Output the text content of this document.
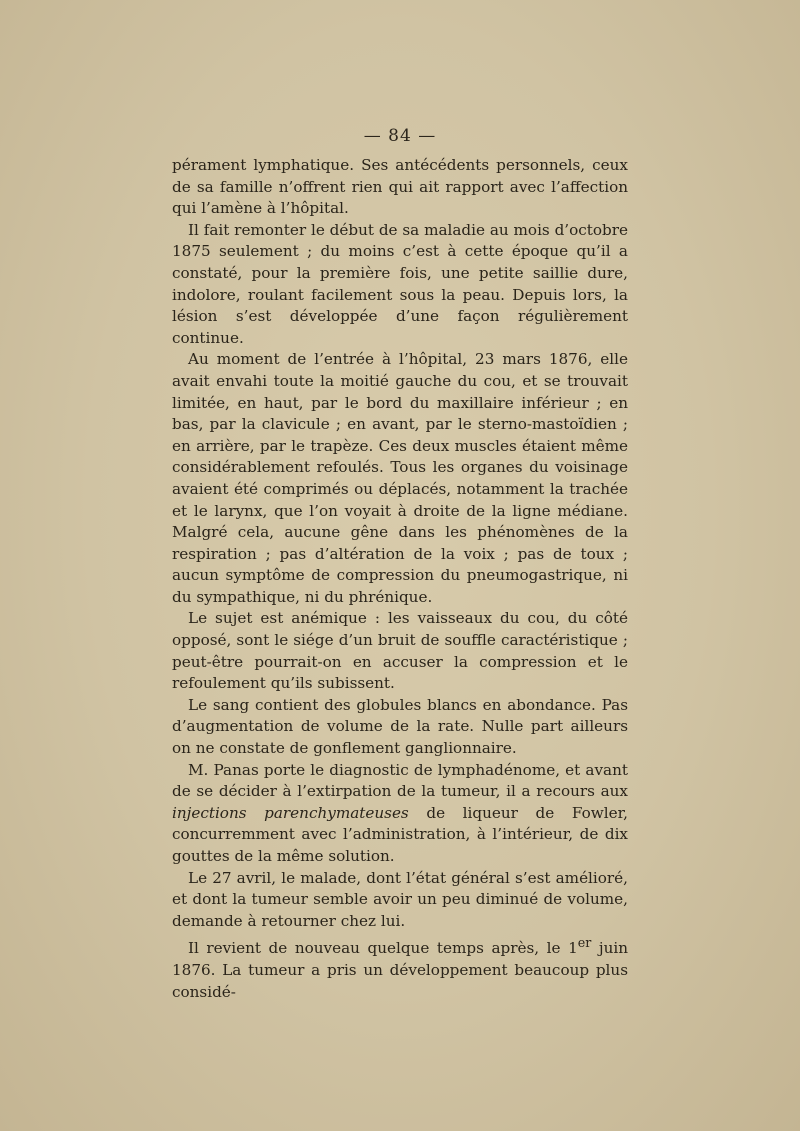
— 84 —

pérament lymphatique. Ses antécédents personnels, ceux de sa famille n’offrent rien qui ait rapport avec l’affection qui l’amène à l’hôpital.

Il fait remonter le début de sa maladie au mois d’octobre 1875 seulement ; du moins c’est à cette époque qu’il a constaté, pour la première fois, une petite saillie dure, indolore, roulant facilement sous la peau. Depuis lors, la lésion s’est développée d’une façon régulièrement continue.

Au moment de l’entrée à l’hôpital, 23 mars 1876, elle avait envahi toute la moitié gauche du cou, et se trouvait limitée, en haut, par le bord du maxillaire inférieur ; en bas, par la clavicule ; en avant, par le sterno-mastoïdien ; en arrière, par le trapèze. Ces deux muscles étaient même considérablement refoulés. Tous les organes du voisinage avaient été comprimés ou déplacés, notamment la trachée et le larynx, que l’on voyait à droite de la ligne médiane. Malgré cela, aucune gêne dans les phénomènes de la respiration ; pas d’altération de la voix ; pas de toux ; aucun symptôme de compression du pneumogastrique, ni du sympathique, ni du phrénique.

Le sujet est anémique : les vaisseaux du cou, du côté opposé, sont le siége d’un bruit de souffle caractéristique ; peut-être pourrait-on en accuser la compression et le refoulement qu’ils subissent.

Le sang contient des globules blancs en abondance. Pas d’augmentation de volume de la rate. Nulle part ailleurs on ne constate de gonflement ganglionnaire.

M. Panas porte le diagnostic de lymphadénome, et avant de se décider à l’extirpation de la tumeur, il a recours aux injections parenchymateuses de liqueur de Fowler, concurremment avec l’administration, à l’intérieur, de dix gouttes de la même solution.

Le 27 avril, le malade, dont l’état général s’est amélioré, et dont la tumeur semble avoir un peu diminué de volume, demande à retourner chez lui.

Il revient de nouveau quelque temps après, le 1er juin 1876. La tumeur a pris un développement beaucoup plus considé-
